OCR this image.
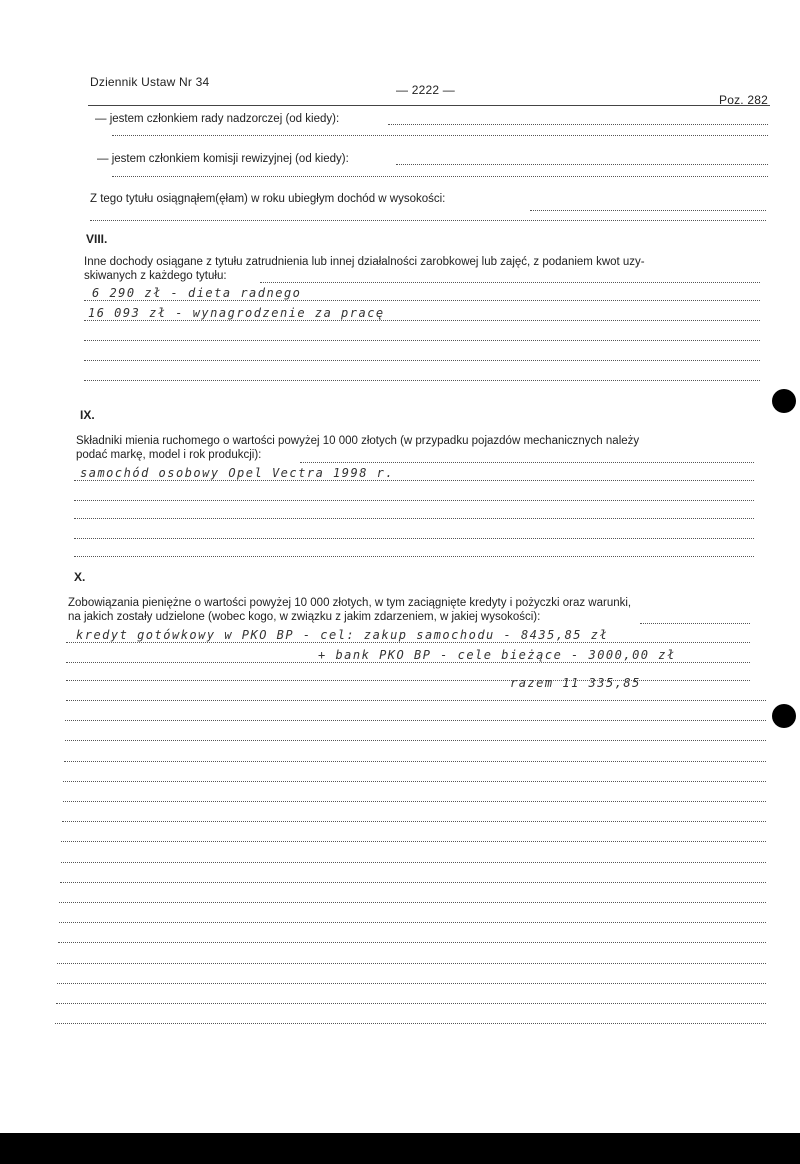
Dziennik Ustaw Nr 34
— 2222 —
Poz. 282
— jestem członkiem rady nadzorczej (od kiedy):
— jestem członkiem komisji rewizyjnej (od kiedy):
Z tego tytułu osiągnąłem(ęłam) w roku ubiegłym dochód w wysokości:
VIII.
Inne dochody osiągane z tytułu zatrudnienia lub innej działalności zarobkowej lub zajęć, z podaniem kwot uzy-
skiwanych z każdego tytułu:
6 290 zł - dieta radnego
16 093 zł - wynagrodzenie za pracę
IX.
Składniki mienia ruchomego o wartości powyżej 10 000 złotych (w przypadku pojazdów mechanicznych należy
podać markę, model i rok produkcji):
samochód osobowy Opel Vectra 1998 r.
X.
Zobowiązania pieniężne o wartości powyżej 10 000 złotych, w tym zaciągnięte kredyty i pożyczki oraz warunki,
na jakich zostały udzielone (wobec kogo, w związku z jakim zdarzeniem, w jakiej wysokości):
kredyt gotówkowy w PKO BP - cel: zakup samochodu - 8435,85 zł
+ bank PKO BP - cele bieżące - 3000,00 zł
razem 11 335,85
